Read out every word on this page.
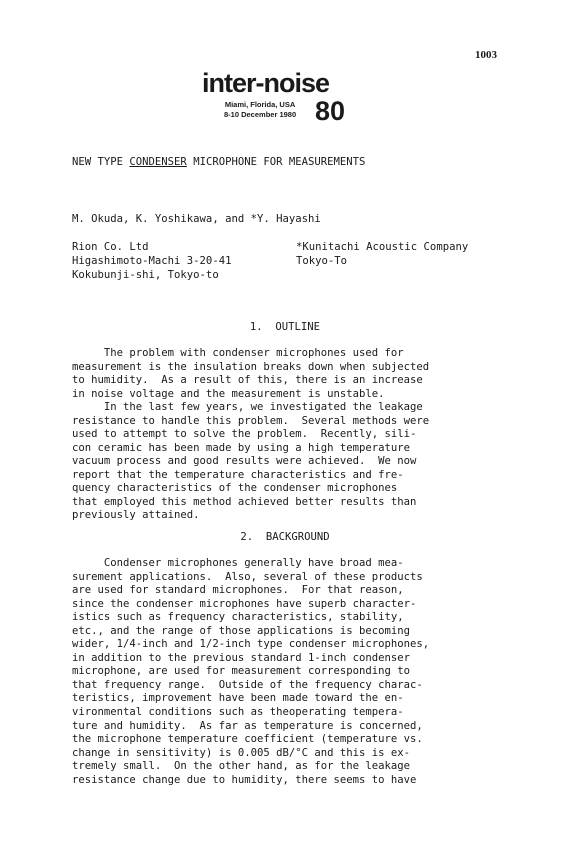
1003
inter-noise
Miami, Florida, USA
8-10 December 1980 80
NEW TYPE CONDENSER MICROPHONE FOR MEASUREMENTS
M. Okuda, K. Yoshikawa, and *Y. Hayashi
Rion Co. Ltd
Higashimoto-Machi 3-20-41
Kokubunji-shi, Tokyo-to
*Kunitachi Acoustic Company
Tokyo-To
1.  OUTLINE
The problem with condenser microphones used for
measurement is the insulation breaks down when subjected
to humidity.  As a result of this, there is an increase
in noise voltage and the measurement is unstable.
In the last few years, we investigated the leakage
resistance to handle this problem.  Several methods were
used to attempt to solve the problem.  Recently, sili-
con ceramic has been made by using a high temperature
vacuum process and good results were achieved.  We now
report that the temperature characteristics and fre-
quency characteristics of the condenser microphones
that employed this method achieved better results than
previously attained.
2.  BACKGROUND
Condenser microphones generally have broad mea-
surement applications.  Also, several of these products
are used for standard microphones.  For that reason,
since the condenser microphones have superb character-
istics such as frequency characteristics, stability,
etc., and the range of those applications is becoming
wider, 1/4-inch and 1/2-inch type condenser microphones,
in addition to the previous standard 1-inch condenser
microphone, are used for measurement corresponding to
that frequency range.  Outside of the frequency charac-
teristics, improvement have been made toward the en-
vironmental conditions such as theoperating tempera-
ture and humidity.  As far as temperature is concerned,
the microphone temperature coefficient (temperature vs.
change in sensitivity) is 0.005 dB/°C and this is ex-
tremely small.  On the other hand, as for the leakage
resistance change due to humidity, there seems to have
